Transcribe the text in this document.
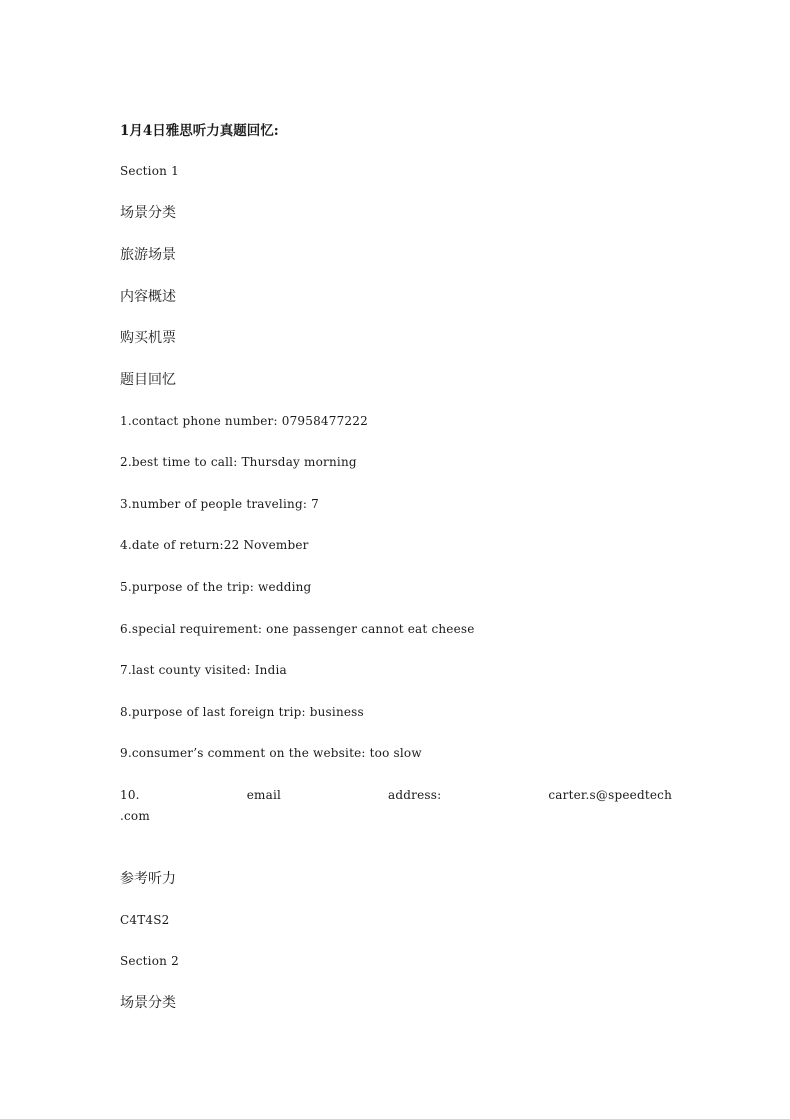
1月4日雅思听力真题回忆:
Section 1
场景分类
旅游场景
内容概述
购买机票
题目回忆
1.contact phone number: 07958477222
2.best time to call: Thursday morning
3.number of people traveling: 7
4.date of return:22 November
5.purpose of the trip: wedding
6.special requirement: one passenger cannot eat cheese
7.last county visited: India
8.purpose of last foreign trip: business
9.consumer’s comment on the website: too slow
10.	email	address:	carter.s@speedtech
.com
参考听力
C4T4S2
Section 2
场景分类
